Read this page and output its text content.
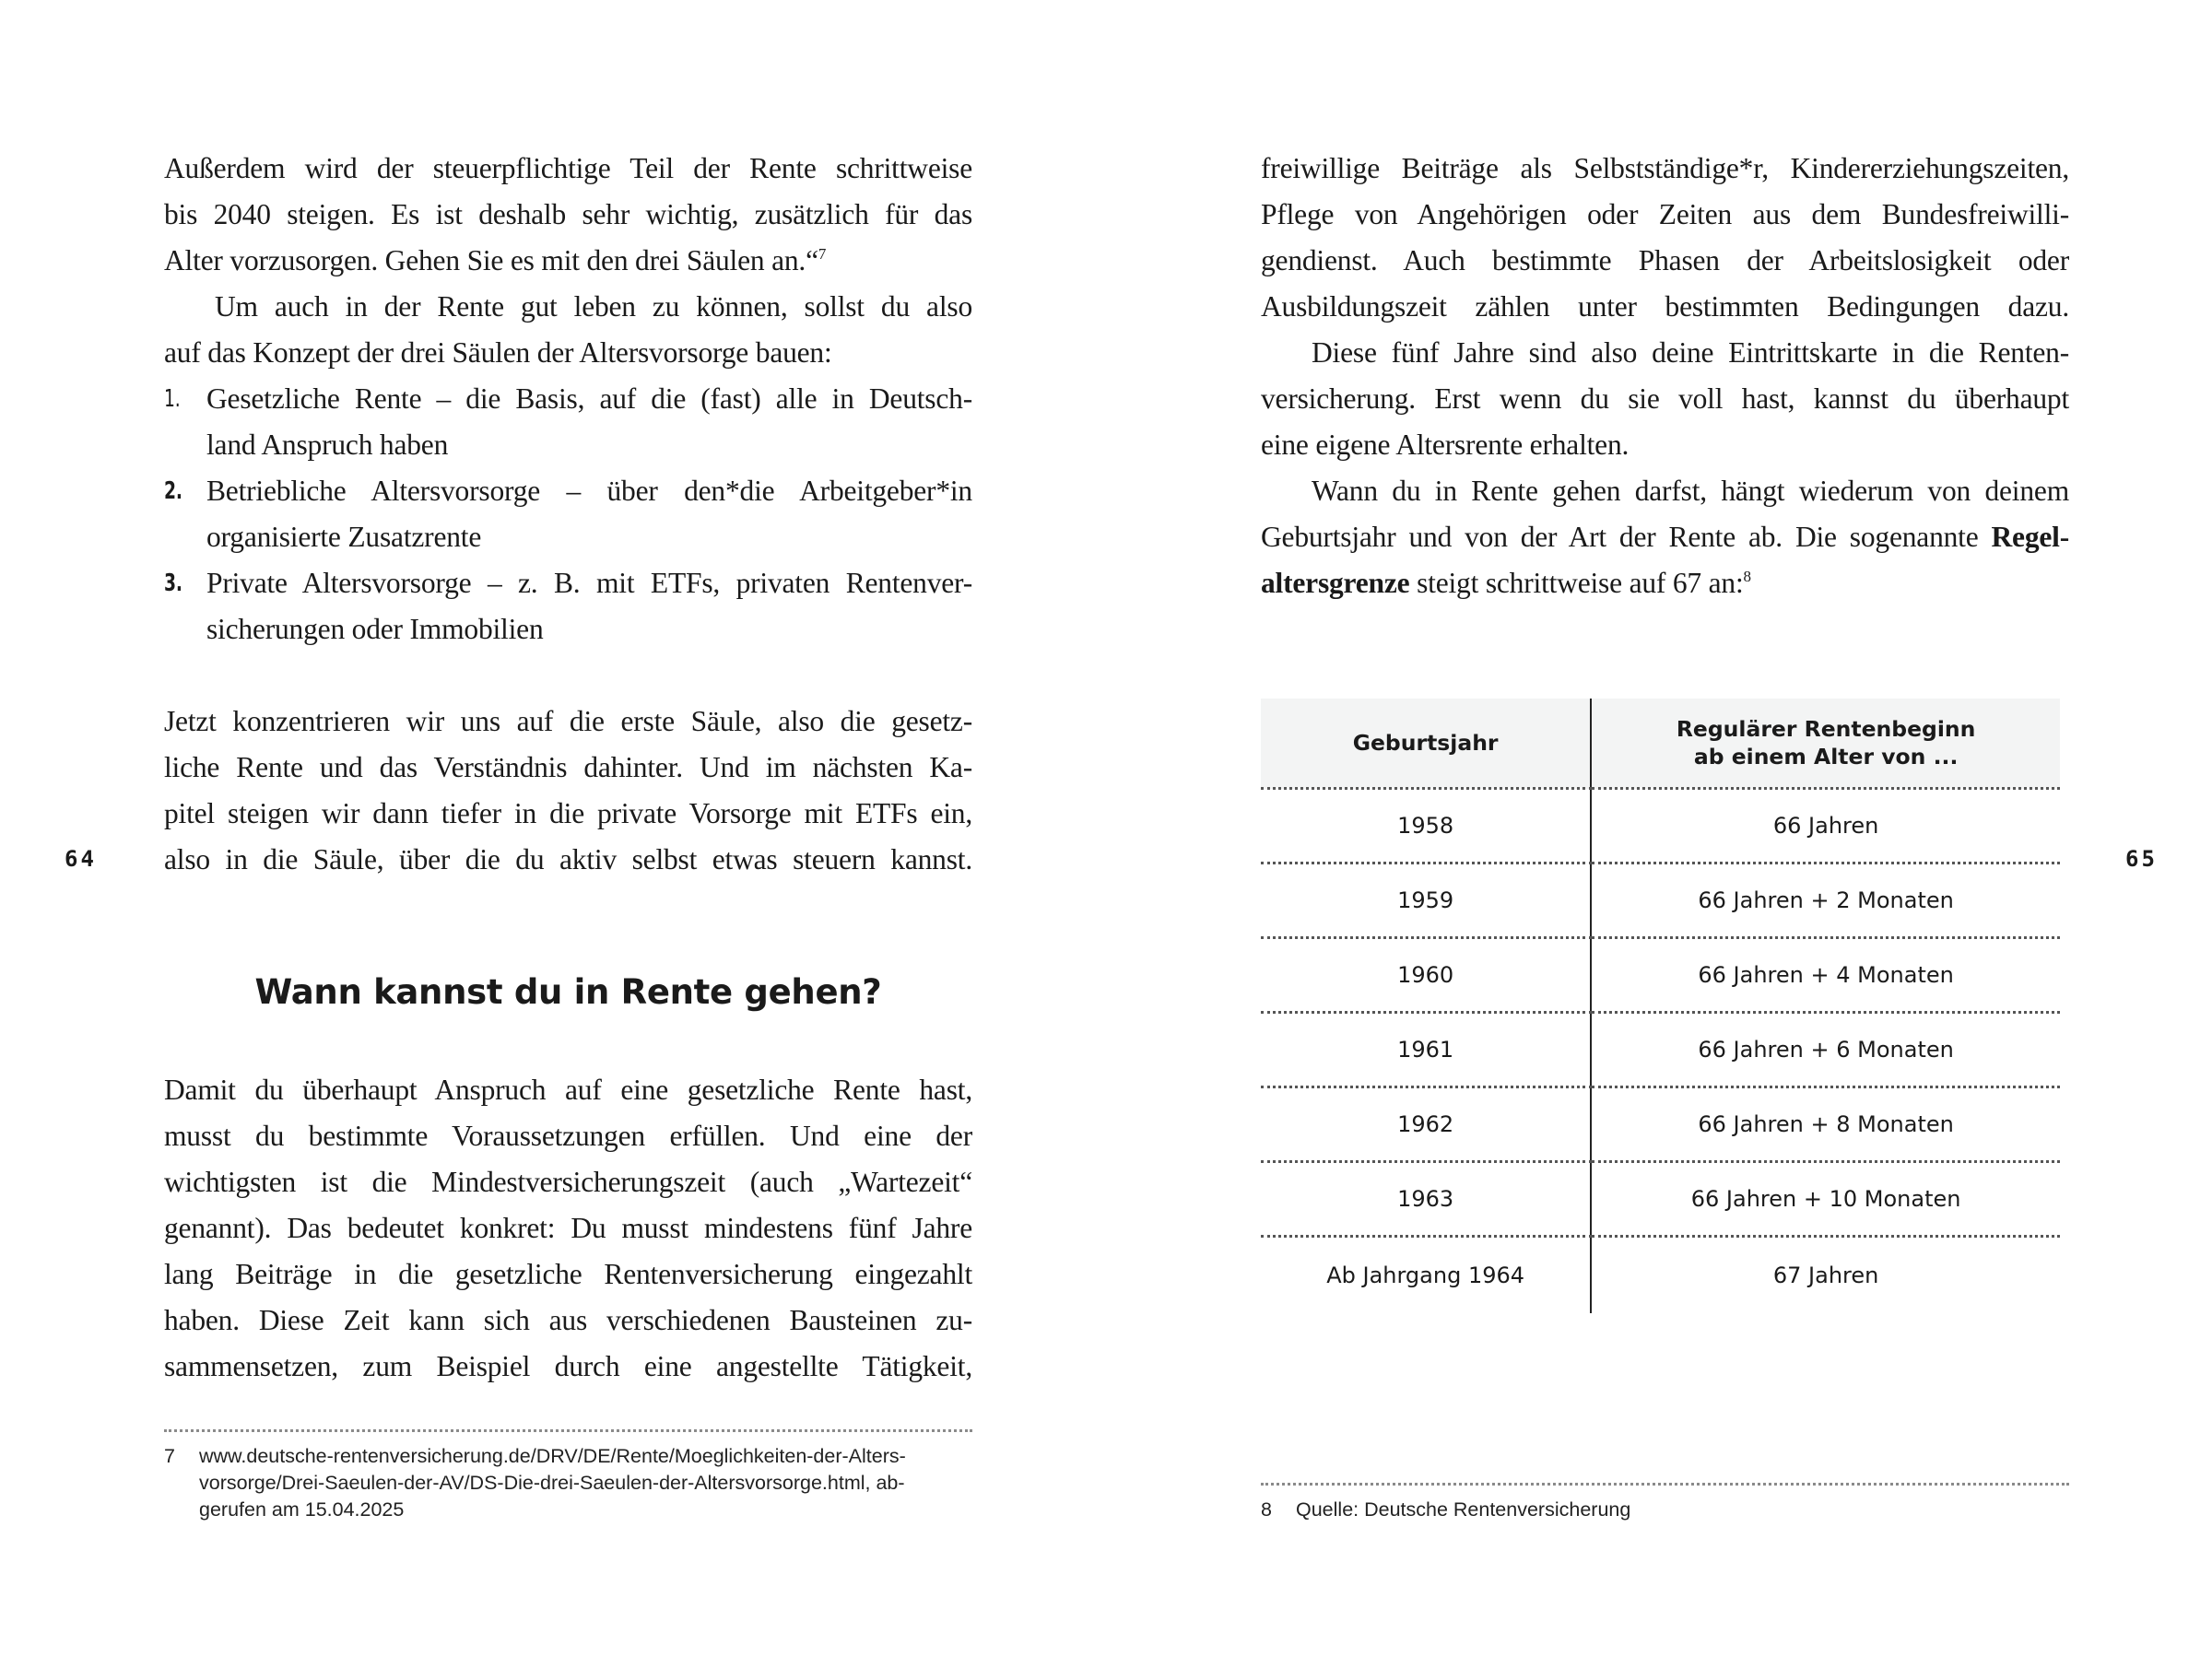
Außerdem wird der steuerpflichtige Teil der Rente schrittweise
bis 2040 steigen. Es ist deshalb sehr wichtig, zusätzlich für das
Alter vorzusorgen. Gehen Sie es mit den drei Säulen an.“$^7$
Um auch in der Rente gut leben zu können, sollst du also
auf das Konzept der drei Säulen der Altersvorsorge bauen:
1. Gesetzliche Rente – die Basis, auf die (fast) alle in Deutsch-
land Anspruch haben
2. Betriebliche Altersvorsorge – über den*die Arbeitgeber*in
organisierte Zusatzrente
3. Private Altersvorsorge – z. B. mit ETFs, privaten Rentenver-
sicherungen oder Immobilien
Jetzt konzentrieren wir uns auf die erste Säule, also die gesetz-
liche Rente und das Verständnis dahinter. Und im nächsten Ka-
pitel steigen wir dann tiefer in die private Vorsorge mit ETFs ein,
also in die Säule, über die du aktiv selbst etwas steuern kannst.
64
Wann kannst du in Rente gehen?
Damit du überhaupt Anspruch auf eine gesetzliche Rente hast,
musst du bestimmte Voraussetzungen erfüllen. Und eine der
wichtigsten ist die Mindestversicherungszeit (auch „Wartezeit“
genannt). Das bedeutet konkret: Du musst mindestens fünf Jahre
lang Beiträge in die gesetzliche Rentenversicherung eingezahlt
haben. Diese Zeit kann sich aus verschiedenen Bausteinen zu-
sammensetzen, zum Beispiel durch eine angestellte Tätigkeit,
7 www.deutsche-rentenversicherung.de/DRV/DE/Rente/Moeglichkeiten-der-Alters-
vorsorge/Drei-Saeulen-der-AV/DS-Die-drei-Saeulen-der-Altersvorsorge.html, ab-
gerufen am 15.04.2025
freiwillige Beiträge als Selbstständige*r, Kindererziehungszeiten,
Pflege von Angehörigen oder Zeiten aus dem Bundesfreiwilli-
gendienst. Auch bestimmte Phasen der Arbeitslosigkeit oder
Ausbildungszeit zählen unter bestimmten Bedingungen dazu.
Diese fünf Jahre sind also deine Eintrittskarte in die Renten-
versicherung. Erst wenn du sie voll hast, kannst du überhaupt
eine eigene Altersrente erhalten.
Wann du in Rente gehen darfst, hängt wiederum von deinem
Geburtsjahr und von der Art der Rente ab. Die sogenannte Regel-
altersgrenze steigt schrittweise auf 67 an:$^8$
Geburtsjahr	Regulärer Rentenbeginn
ab einem Alter von ...

1958	66 Jahren
1959	66 Jahren + 2 Monaten
1960	66 Jahren + 4 Monaten
1961	66 Jahren + 6 Monaten
1962	66 Jahren + 8 Monaten
1963	66 Jahren + 10 Monaten
Ab Jahrgang 1964	67 Jahren
65
8	Quelle: Deutsche Rentenversicherung
